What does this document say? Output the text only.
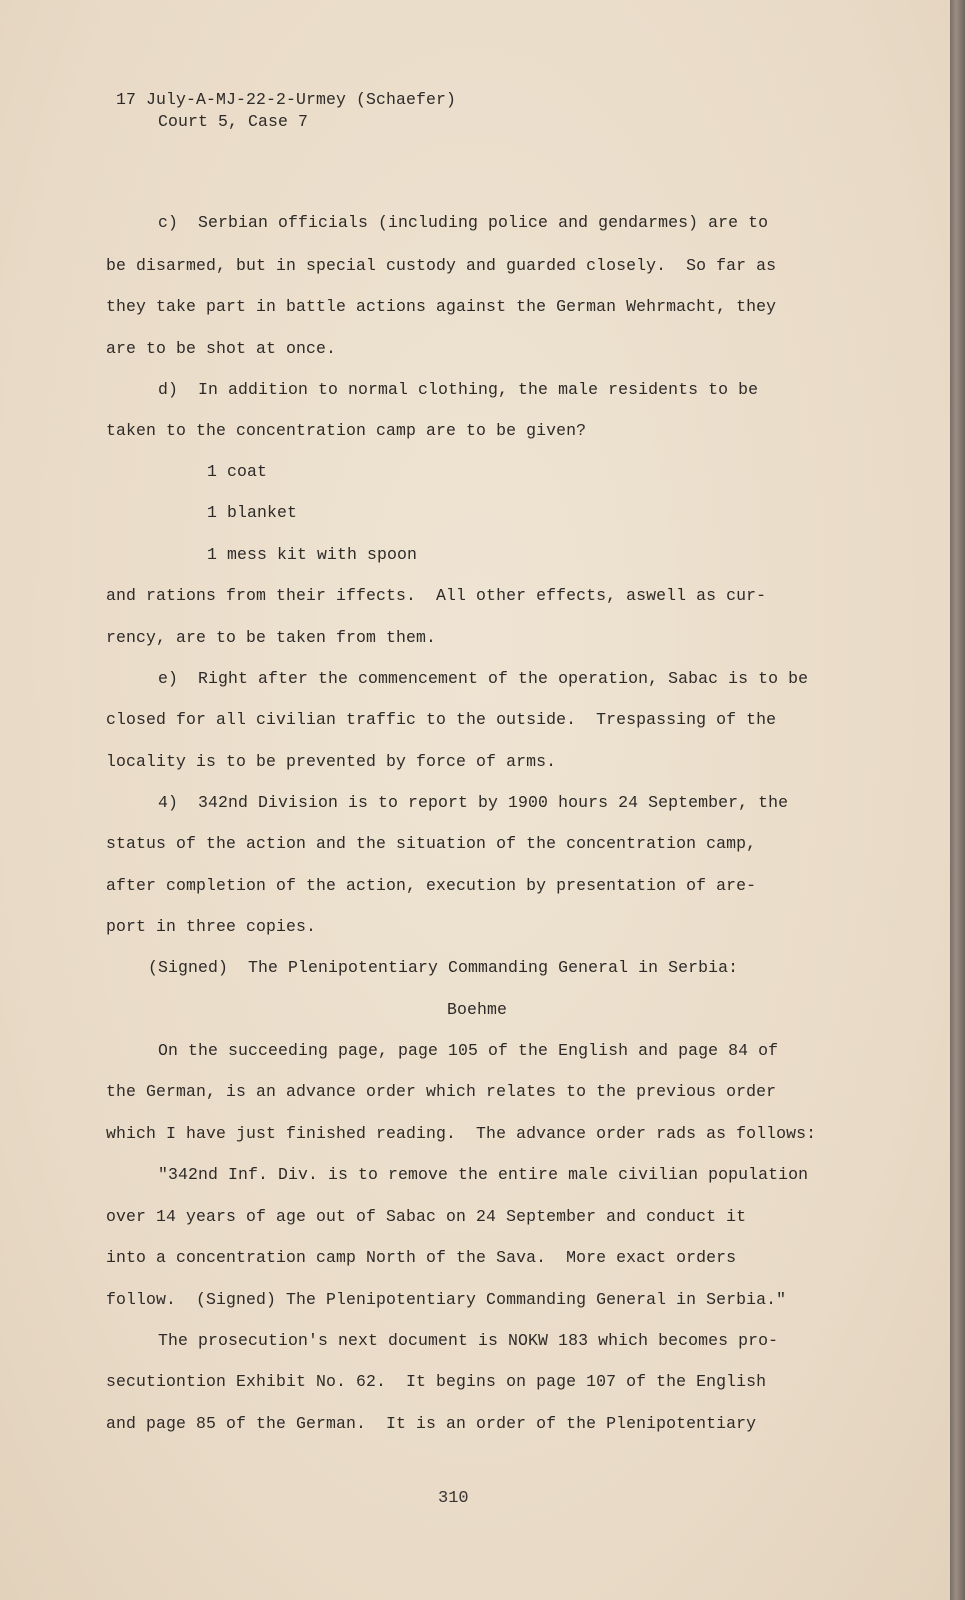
17 July-A-MJ-22-2-Urmey (Schaefer)

Court 5, Case 7

c)  Serbian officials (including police and gendarmes) are to

be disarmed, but in special custody and guarded closely.  So far as

they take part in battle actions against the German Wehrmacht, they

are to be shot at once.

d)  In addition to normal clothing, the male residents to be

taken to the concentration camp are to be given?

1 coat

1 blanket

1 mess kit with spoon

and rations from their iffects.  All other effects, aswell as cur-

rency, are to be taken from them.

e)  Right after the commencement of the operation, Sabac is to be

closed for all civilian traffic to the outside.  Trespassing of the

locality is to be prevented by force of arms.

4)  342nd Division is to report by 1900 hours 24 September, the

status of the action and the situation of the concentration camp,

after completion of the action, execution by presentation of are-

port in three copies.

(Signed)  The Plenipotentiary Commanding General in Serbia:

Boehme

On the succeeding page, page 105 of the English and page 84 of

the German, is an advance order which relates to the previous order

which I have just finished reading.  The advance order rads as follows:

"342nd Inf. Div. is to remove the entire male civilian population

over 14 years of age out of Sabac on 24 September and conduct it

into a concentration camp North of the Sava.  More exact orders

follow.  (Signed) The Plenipotentiary Commanding General in Serbia."

The prosecution's next document is NOKW 183 which becomes pro-

secutiontion Exhibit No. 62.  It begins on page 107 of the English

and page 85 of the German.  It is an order of the Plenipotentiary

310
